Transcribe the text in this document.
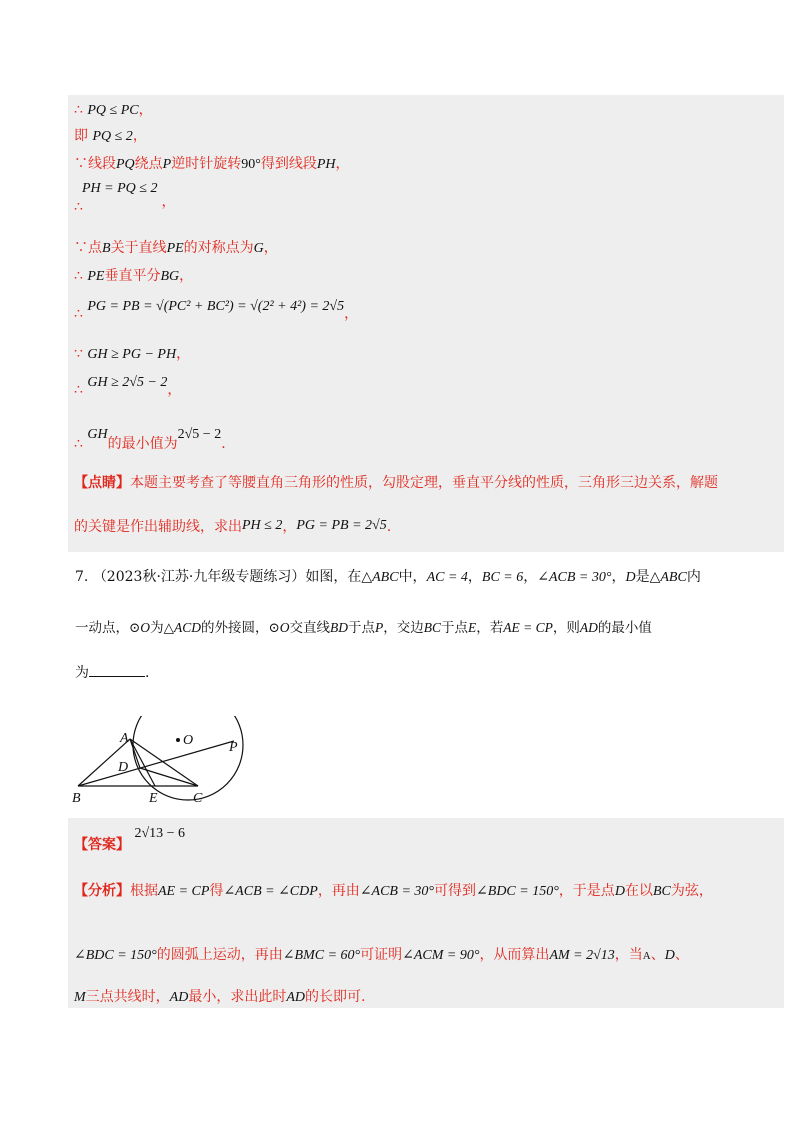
∴ PQ ≤ PC，
即 PQ ≤ 2，
∵线段PQ绕点P逆时针旋转90°得到线段PH，
PH = PQ ≤ 2，
∴
∵点B关于直线PE的对称点为G，
∴ PE垂直平分BG，
∴ PG = PB = √(PC² + BC²) = √(2² + 4²) = 2√5，
∵ GH ≥ PG − PH，
∴ GH ≥ 2√5 − 2，
∴ GH的最小值为2√5 − 2.
【点睛】本题主要考查了等腰直角三角形的性质，勾股定理，垂直平分线的性质，三角形三边关系，解题
的关键是作出辅助线，求出PH ≤ 2，PG = PB = 2√5.
7. （2023秋·江苏·九年级专题练习）如图，在△ABC中，AC = 4，BC = 6，∠ACB = 30°，D是△ABC内
一动点，⊙O为△ACD的外接圆，⊙O交直线BD于点P，交边BC于点E，若AE = CP，则AD的最小值
为	.
A	O	P
D
B	E	C
【答案】 2√13 − 6
【分析】根据AE = CP得∠ACB = ∠CDP，再由∠ACB = 30°可得到∠BDC = 150°，于是点D在以BC为弦，
∠BDC = 150°的圆弧上运动，再由∠BMC = 60°可证明∠ACM = 90°，从而算出AM = 2√13，当A、D、
M三点共线时，AD最小，求出此时AD的长即可.
